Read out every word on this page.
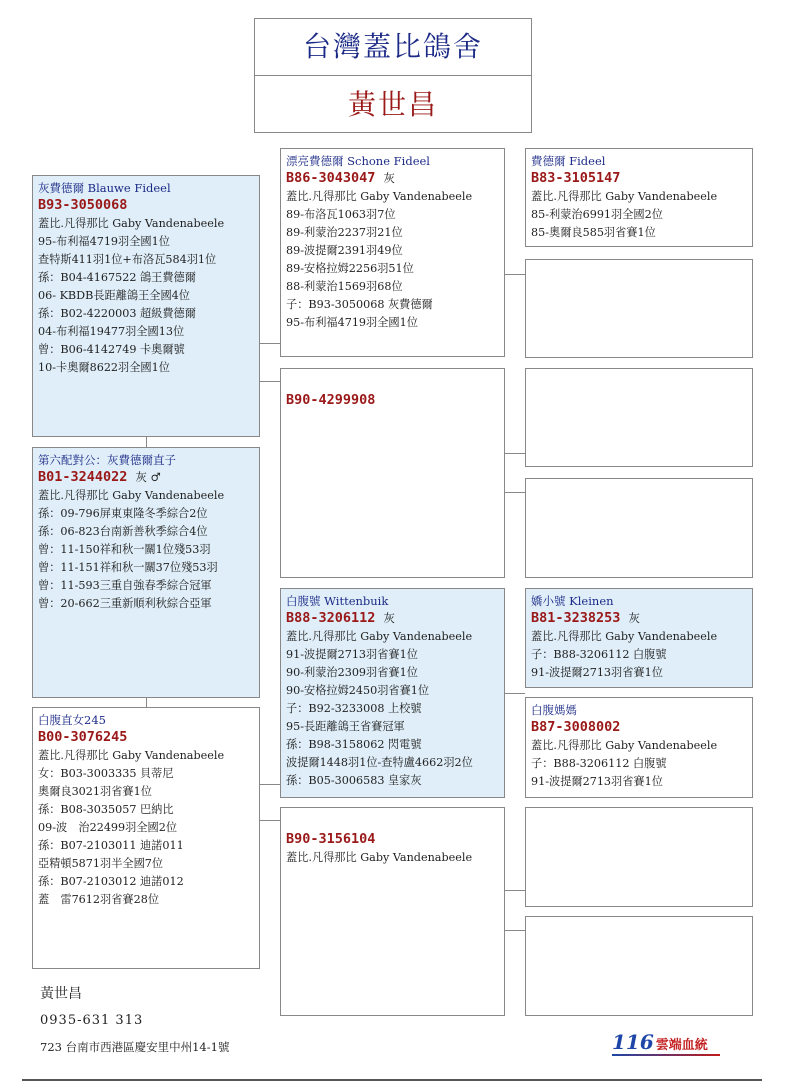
台灣蓋比鴿舍
黃世昌
灰費德爾 Blauwe Fideel
B93-3050068
蓋比.凡得那比 Gaby Vandenabeele
95-布利福4719羽全國1位
查特斯411羽1位+布洛瓦584羽1位
孫：B04-4167522 鴿王費德爾
06- KBDB長距離鴿王全國4位
孫：B02-4220003 超級費德爾
04-布利福19477羽全國13位
曾：B06-4142749 卡奧爾號
10-卡奧爾8622羽全國1位
第六配對公：灰費德爾直子
B01-3244022 灰 ♂
蓋比.凡得那比 Gaby Vandenabeele
孫：09-796屏東東隆冬季綜合2位
孫：06-823台南新善秋季綜合4位
曾：11-150祥和秋一關1位殘53羽
曾：11-151祥和秋一關37位殘53羽
曾：11-593三重自強春季綜合冠軍
曾：20-662三重新順利秋綜合亞軍
白腹直女245
B00-3076245
蓋比.凡得那比 Gaby Vandenabeele
女：B03-3003335 貝蒂尼
奧爾良3021羽省賽1位
孫：B08-3035057 巴納比
09-波　治22499羽全國2位
孫：B07-2103011 迪諾011
亞精頓5871羽半全國7位
孫：B07-2103012 迪諾012
蓋　雷7612羽省賽28位
漂亮費德爾 Schone Fideel
B86-3043047 灰
蓋比.凡得那比 Gaby Vandenabeele
89-布洛瓦1063羽7位
89-利蒙治2237羽21位
89-波提爾2391羽49位
89-安格拉姆2256羽51位
88-利蒙治1569羽68位
子：B93-3050068 灰費德爾
95-布利福4719羽全國1位
B90-4299908
白腹號 Wittenbuik
B88-3206112 灰
蓋比.凡得那比 Gaby Vandenabeele
91-波提爾2713羽省賽1位
90-利蒙治2309羽省賽1位
90-安格拉姆2450羽省賽1位
子：B92-3233008 上校號
95-長距離鴿王省賽冠軍
孫：B98-3158062 閃電號
波提爾1448羽1位-查特盧4662羽2位
孫：B05-3006583 皇家灰
B90-3156104
蓋比.凡得那比 Gaby Vandenabeele
費德爾 Fideel
B83-3105147
蓋比.凡得那比 Gaby Vandenabeele
85-利蒙治6991羽全國2位
85-奧爾良585羽省賽1位
嬌小號 Kleinen
B81-3238253 灰
蓋比.凡得那比 Gaby Vandenabeele
子：B88-3206112 白腹號
91-波提爾2713羽省賽1位
白腹媽媽
B87-3008002
蓋比.凡得那比 Gaby Vandenabeele
子：B88-3206112 白腹號
91-波提爾2713羽省賽1位
黃世昌
0935-631 313
723 台南市西港區慶安里中州14-1號	116 雲端血統
